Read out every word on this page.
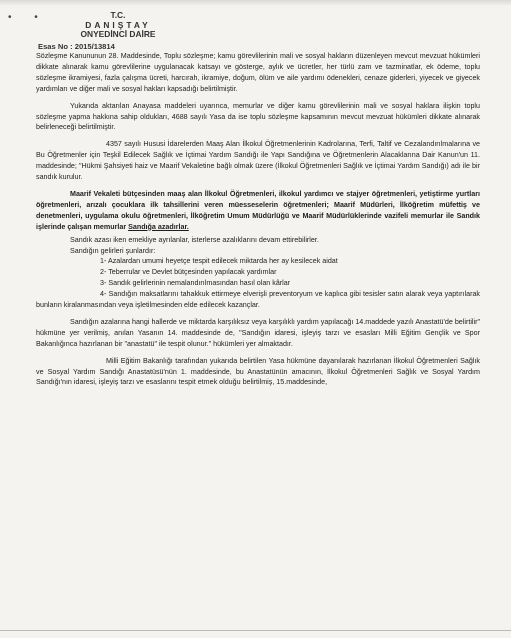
• •	T.C.
DANIŞTAY
ONYEDİNCİ DAİRE
Esas No : 2015/13814

Sözleşme Kanununun 28. Maddesinde, Toplu sözleşme; kamu görevlilerinin mali ve sosyal hakların düzenleyen mevcut mevzuat hükümleri dikkate alınarak kamu görevlilerine uygulanacak katsayı ve gösterge, aylık ve ücretler, her türlü zam ve tazminatlar, ek ödeme, toplu sözleşme ikramiyesi, fazla çalışma ücreti, harcırah, ikramiye, doğum, ölüm ve aile yardımı ödenekleri, cenaze giderleri, yiyecek ve giyecek yardımları ve diğer mali ve sosyal hakları kapsadığı belirtilmiştir.

Yukarıda aktarılan Anayasa maddeleri uyarınca, memurlar ve diğer kamu görevlilerinin mali ve sosyal haklara ilişkin toplu sözleşme yapma hakkına sahip oldukları, 4688 sayılı Yasa da ise toplu sözleşme kapsamının mevcut mevzuat hükümleri dikkate alınarak belirleneceği belirtilmiştir.

4357 sayılı Hususi İdarelerden Maaş Alan İlkokul Öğretmenlerinin Kadrolarına, Terfi, Taltif ve Cezalandırılmalarına ve Bu Öğretmenler için Teşkil Edilecek Sağlık ve İçtimai Yardım Sandığı ile Yapı Sandığına ve Öğretmenlerin Alacaklarına Dair Kanun'un 11. maddesinde; "Hükmi Şahsiyeti haiz ve Maarif Vekaletine bağlı olmak üzere (İlkokul Öğretmenleri Sağlık ve İçtimai Yardım Sandığı) adı ile bir sandık kurulur.

Maarif Vekaleti bütçesinden maaş alan İlkokul Öğretmenleri, ilkokul yardımcı ve stajyer öğretmenleri, yetiştirme yurtları öğretmenleri, arızalı çocuklara ilk tahsillerini veren müesseselerin öğretmenleri; Maarif Müdürleri, İlköğretim müfettiş ve denetmenleri, uygulama okulu öğretmenleri, İlköğretim Umum Müdürlüğü ve Maarif Müdürlüklerinde vazifeli memurlar ile Sandık işlerinde çalışan memurlar Sandığa azadırlar.

Sandık azası iken emekliye ayrılanlar, isterlerse azalıklarını devam ettirebilirler.

Sandığın gelirleri şunlardır:

1- Azalardan umumi heyetçe tespit edilecek miktarda her ay kesilecek aidat

2- Teberrular ve Devlet bütçesinden yapılacak yardımlar

3- Sandık gelirlerinin nemalandırılmasından hasıl olan kârlar

4- Sandığın maksatlarını tahakkuk ettirmeye elverişli preventoryum ve kaplıca gibi tesisler satın alarak veya yaptırılarak bunların kiralanmasından veya işletilmesinden elde edilecek kazançlar.

Sandığın azalarına hangi hallerde ve miktarda karşılıksız veya karşılıklı yardım yapılacağı 14.maddede yazılı Anastatü'de belirtilir" hükmüne yer verilmiş, anılan Yasanın 14. maddesinde de, "Sandığın idaresi, işleyiş tarzı ve esasları Milli Eğitim Gençlik ve Spor Bakanlığınca hazırlanan bir "anastatü" ile tespit olunur." hükümleri yer almaktadır.

Milli Eğitim Bakanlığı tarafından yukarıda belirtilen Yasa hükmüne dayanılarak hazırlanan İlkokul Öğretmenleri Sağlık ve Sosyal Yardım Sandığı Anastatüsü'nün 1. maddesinde, bu Anastatünün amacının, İlkokul Öğretmenleri Sağlık ve Sosyal Yardım Sandığı'nın idaresi, işleyiş tarzı ve esaslarını tespit etmek olduğu belirtilmiş, 15.maddesinde,
